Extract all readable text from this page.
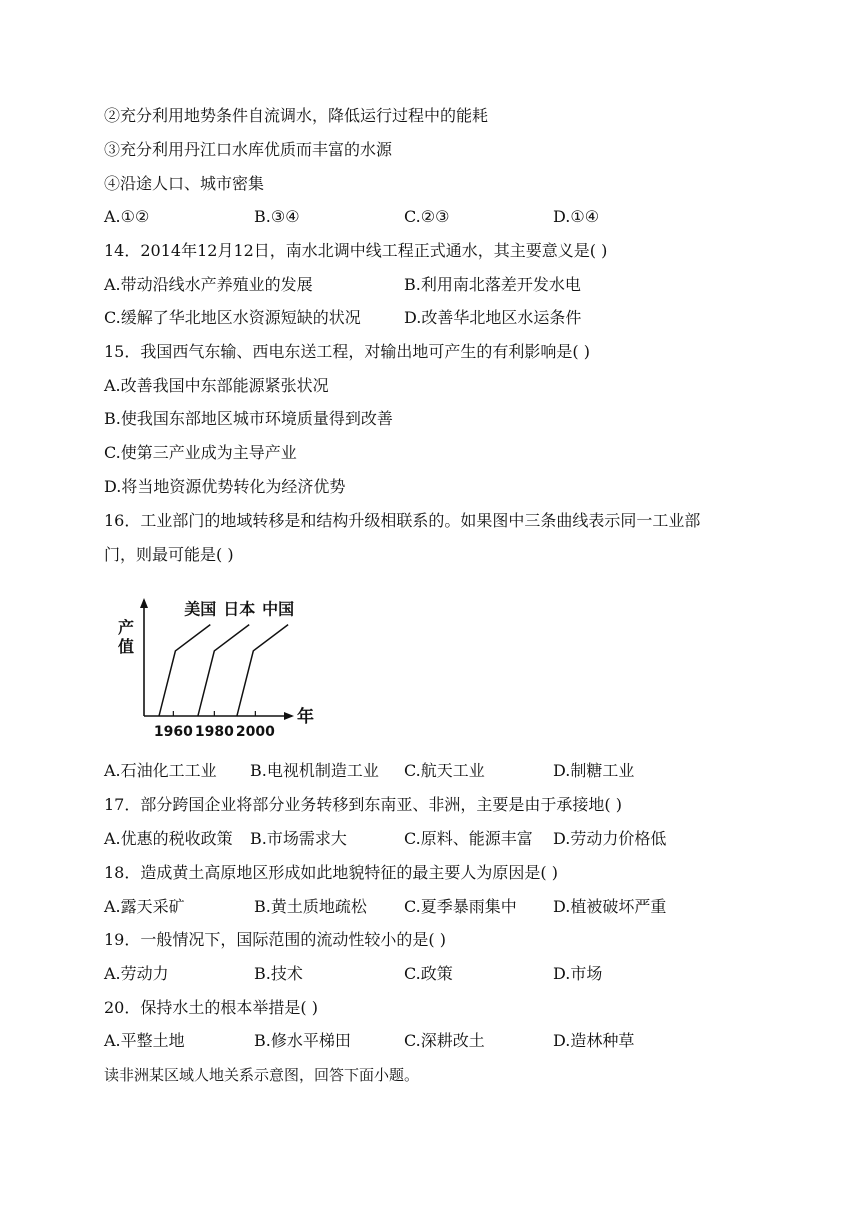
②充分利用地势条件自流调水，降低运行过程中的能耗
③充分利用丹江口水库优质而丰富的水源
④沿途人口、城市密集
A.①②	B.③④	C.②③	D.①④
14．2014年12月12日，南水北调中线工程正式通水，其主要意义是( )
A.带动沿线水产养殖业的发展	B.利用南北落差开发水电
C.缓解了华北地区水资源短缺的状况	D.改善华北地区水运条件
15．我国西气东输、西电东送工程，对输出地可产生的有利影响是( )
A.改善我国中东部能源紧张状况
B.使我国东部地区城市环境质量得到改善
C.使第三产业成为主导产业
D.将当地资源优势转化为经济优势
16．工业部门的地域转移是和结构升级相联系的。如果图中三条曲线表示同一工业部
门，则最可能是( )
产
值
年
1960 1980 2000
美国 日本 中国
A.石油化工工业 B.电视机制造工业 C.航天工业	D.制糖工业
17．部分跨国企业将部分业务转移到东南亚、非洲，主要是由于承接地( )
A.优惠的税收政策 B.市场需求大	C.原料、能源丰富 D.劳动力价格低
18．造成黄土高原地区形成如此地貌特征的最主要人为原因是( )
A.露天采矿	B.黄土质地疏松 C.夏季暴雨集中 D.植被破坏严重
19．一般情况下，国际范围的流动性较小的是( )
A.劳动力	B.技术	C.政策	D.市场
20．保持水土的根本举措是( )
A.平整土地	B.修水平梯田	C.深耕改土	D.造林种草
读非洲某区域人地关系示意图，回答下面小题。
